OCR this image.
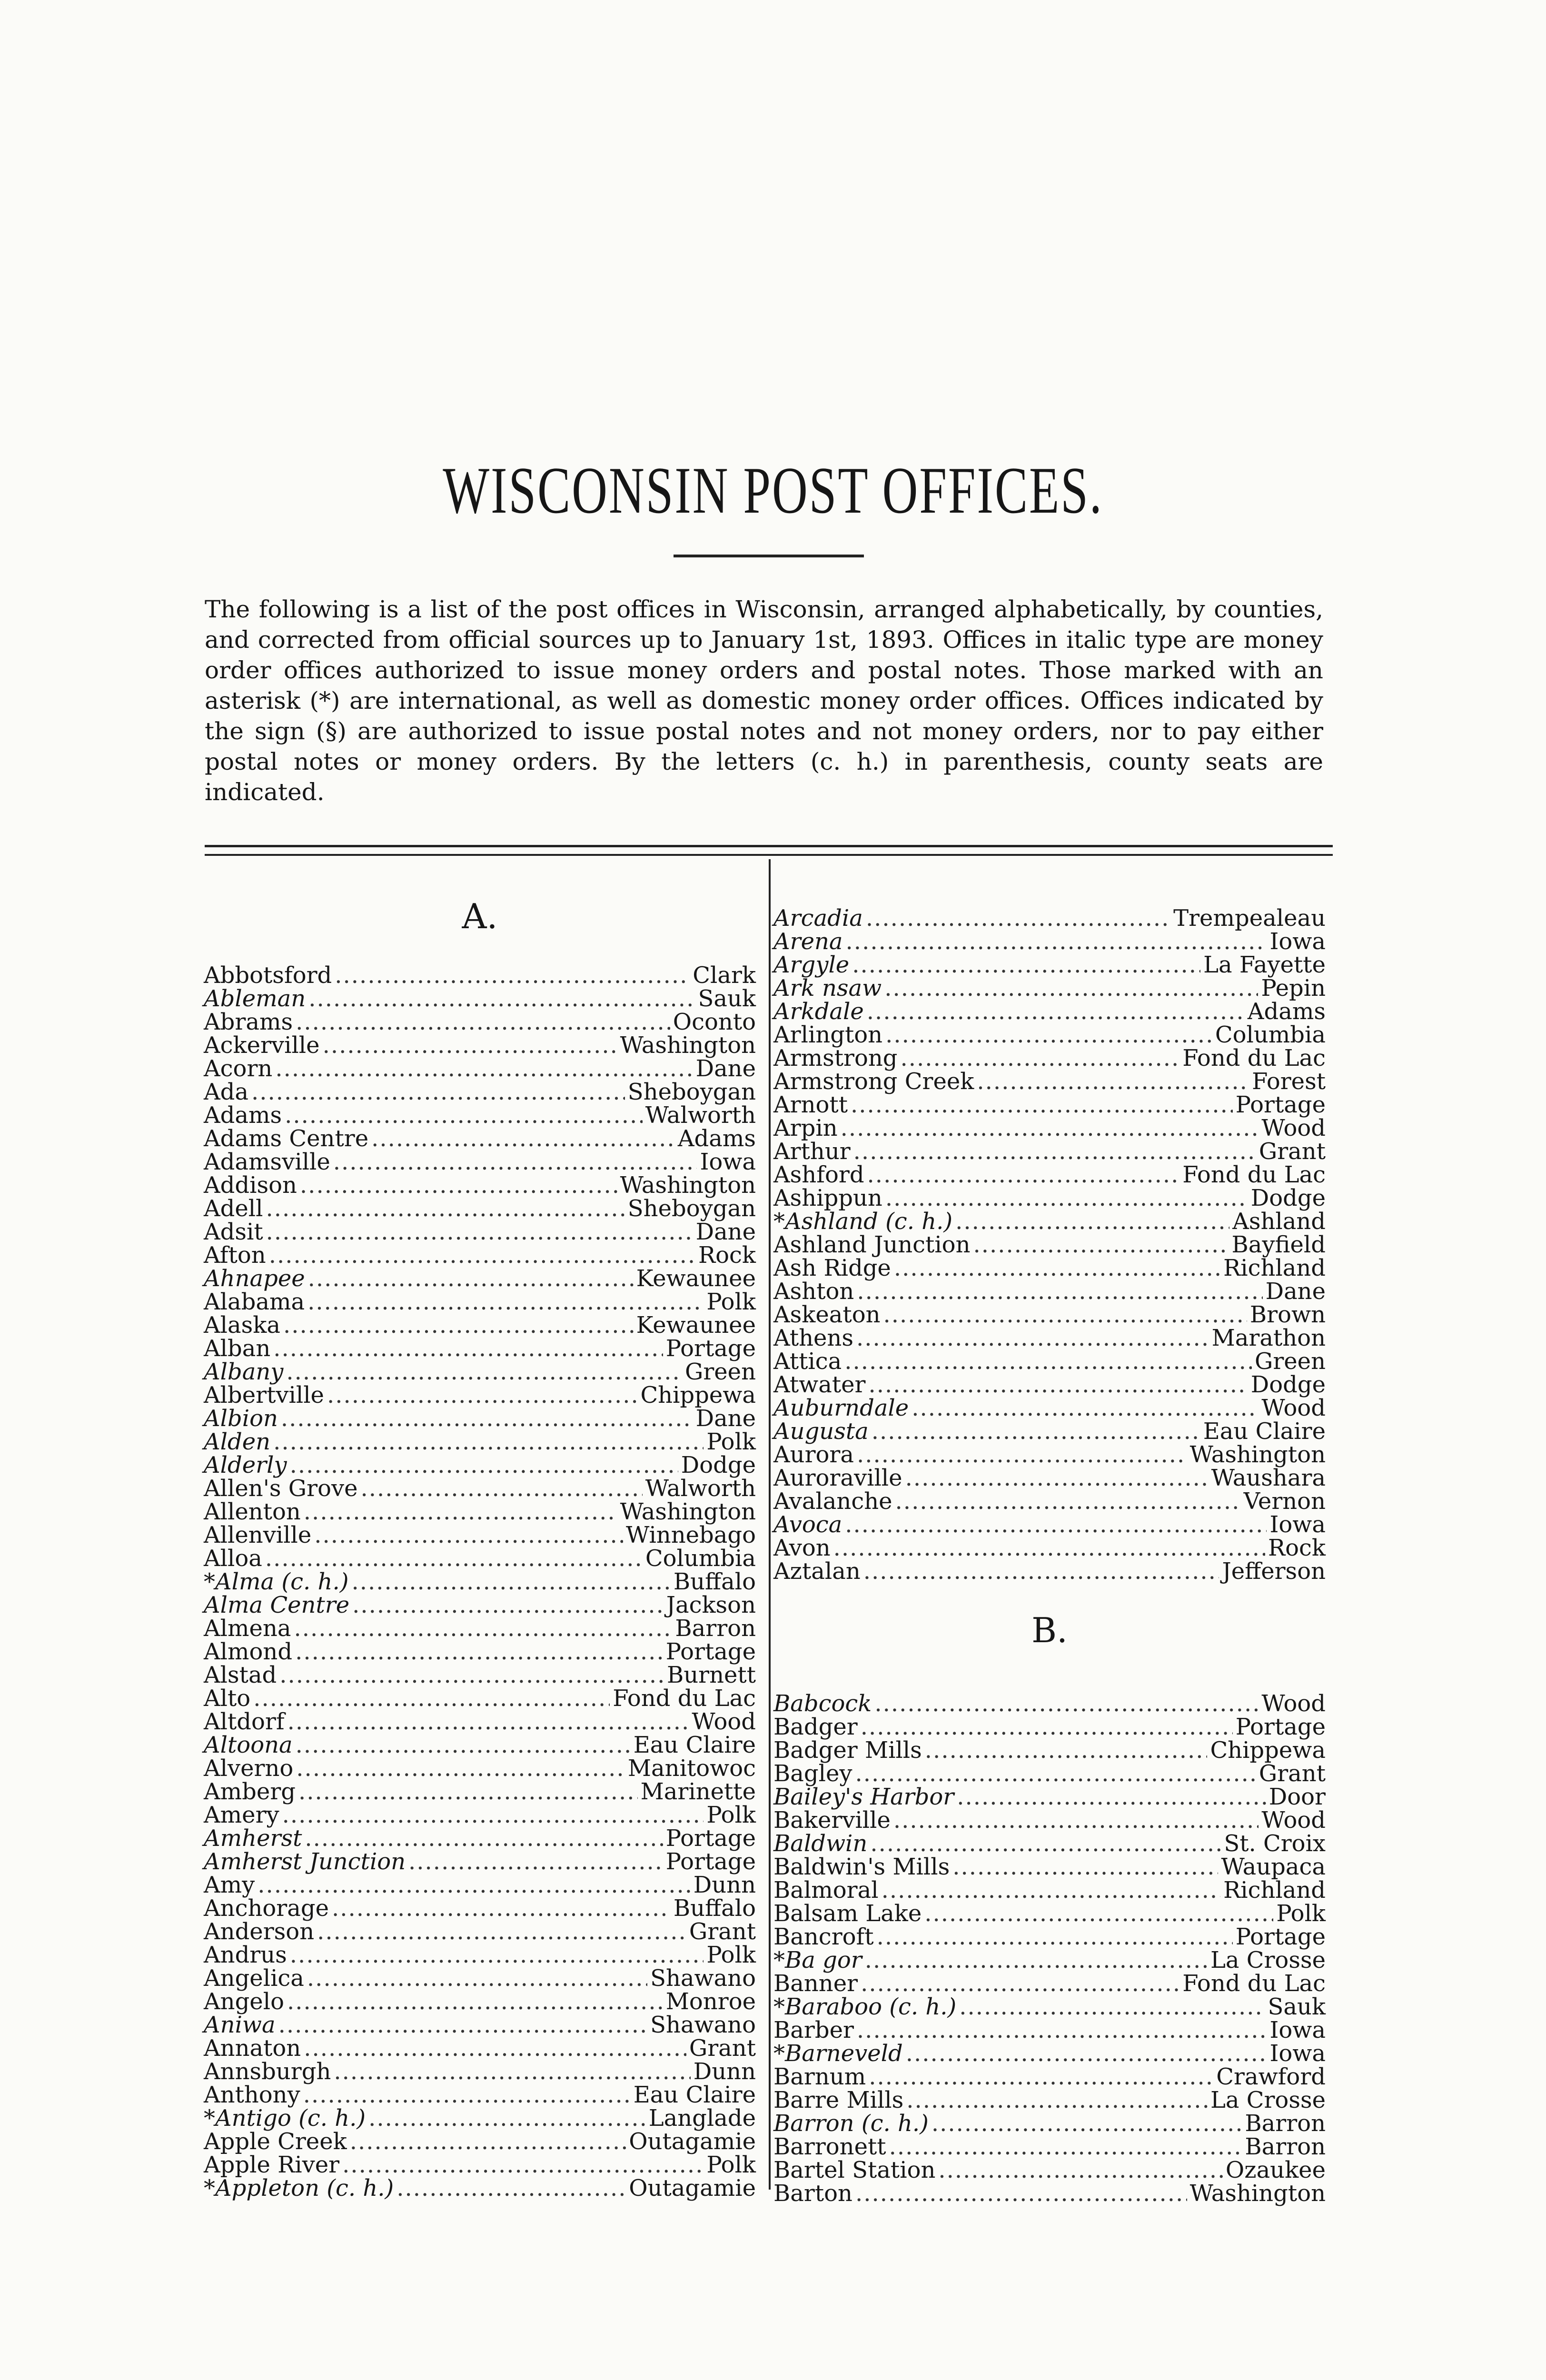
WISCONSIN POST OFFICES.

The following is a list of the post offices in Wisconsin, arranged alphabetically, by counties, and corrected from official sources up to January 1st, 1893. Offices in italic type are money order offices authorized to issue money orders and postal notes. Those marked with an asterisk (*) are international, as well as domestic money order offices. Offices indicated by the sign (§) are authorized to issue postal notes and not money orders, nor to pay either postal notes or money orders. By the letters (c. h.) in parenthesis, county seats are indicated.

A.
Abbotsford .....	Clark
Ableman .....	Sauk
Abrams .....	Oconto
Ackerville .....	Washington
Acorn .....	Dane
Ada .....	Sheboygan
Adams .....	Walworth
Adams Centre .....	Adams
Adamsville .....	Iowa
Addison .....	Washington
Adell .....	Sheboygan
Adsit .....	Dane
Afton .....	Rock
Ahnapee .....	Kewaunee
Alabama .....	Polk
Alaska .....	Kewaunee
Alban .....	Portage
Albany .....	Green
Albertville .....	Chippewa
Albion .....	Dane
Alden .....	Polk
Alderly .....	Dodge
Allen's Grove .....	Walworth
Allenton .....	Washington
Allenville .....	Winnebago
Alloa .....	Columbia
*Alma (c. h.) .....	Buffalo
Alma Centre .....	Jackson
Almena .....	Barron
Almond .....	Portage
Alstad .....	Burnett
Alto .....	Fond du Lac
Altdorf .....	Wood
Altoona .....	Eau Claire
Alverno .....	Manitowoc
Amberg .....	Marinette
Amery .....	Polk
Amherst .....	Portage
Amherst Junction .....	Portage
Amy .....	Dunn
Anchorage .....	Buffalo
Anderson .....	Grant
Andrus .....	Polk
Angelica .....	Shawano
Angelo .....	Monroe
Aniwa .....	Shawano
Annaton .....	Grant
Annsburgh .....	Dunn
Anthony .....	Eau Claire
*Antigo (c. h.) .....	Langlade
Apple Creek .....	Outagamie
Apple River .....	Polk
*Appleton (c. h.) .....	Outagamie
Arcadia .....	Trempealeau
Arena .....	Iowa
Argyle .....	La Fayette
Ark nsaw .....	Pepin
Arkdale .....	Adams
Arlington .....	Columbia
Armstrong .....	Fond du Lac
Armstrong Creek .....	Forest
Arnott .....	Portage
Arpin .....	Wood
Arthur .....	Grant
Ashford .....	Fond du Lac
Ashippun .....	Dodge
*Ashland (c. h.) .....	Ashland
Ashland Junction .....	Bayfield
Ash Ridge .....	Richland
Ashton .....	Dane
Askeaton .....	Brown
Athens .....	Marathon
Attica .....	Green
Atwater .....	Dodge
Auburndale .....	Wood
Augusta .....	Eau Claire
Aurora .....	Washington
Auroraville .....	Waushara
Avalanche .....	Vernon
Avoca .....	Iowa
Avon .....	Rock
Aztalan .....	Jefferson
B.
Babcock .....	Wood
Badger .....	Portage
Badger Mills .....	Chippewa
Bagley .....	Grant
Bailey's Harbor .....	Door
Bakerville .....	Wood
Baldwin .....	St. Croix
Baldwin's Mills .....	Waupaca
Balmoral .....	Richland
Balsam Lake .....	Polk
Bancroft .....	Portage
*Ba gor .....	La Crosse
Banner .....	Fond du Lac
*Baraboo (c. h.) .....	Sauk
Barber .....	Iowa
*Barneveld .....	Iowa
Barnum .....	Crawford
Barre Mills .....	La Crosse
Barron (c. h.) .....	Barron
Barronett .....	Barron
Bartel Station .....	Ozaukee
Barton .....	Washington
